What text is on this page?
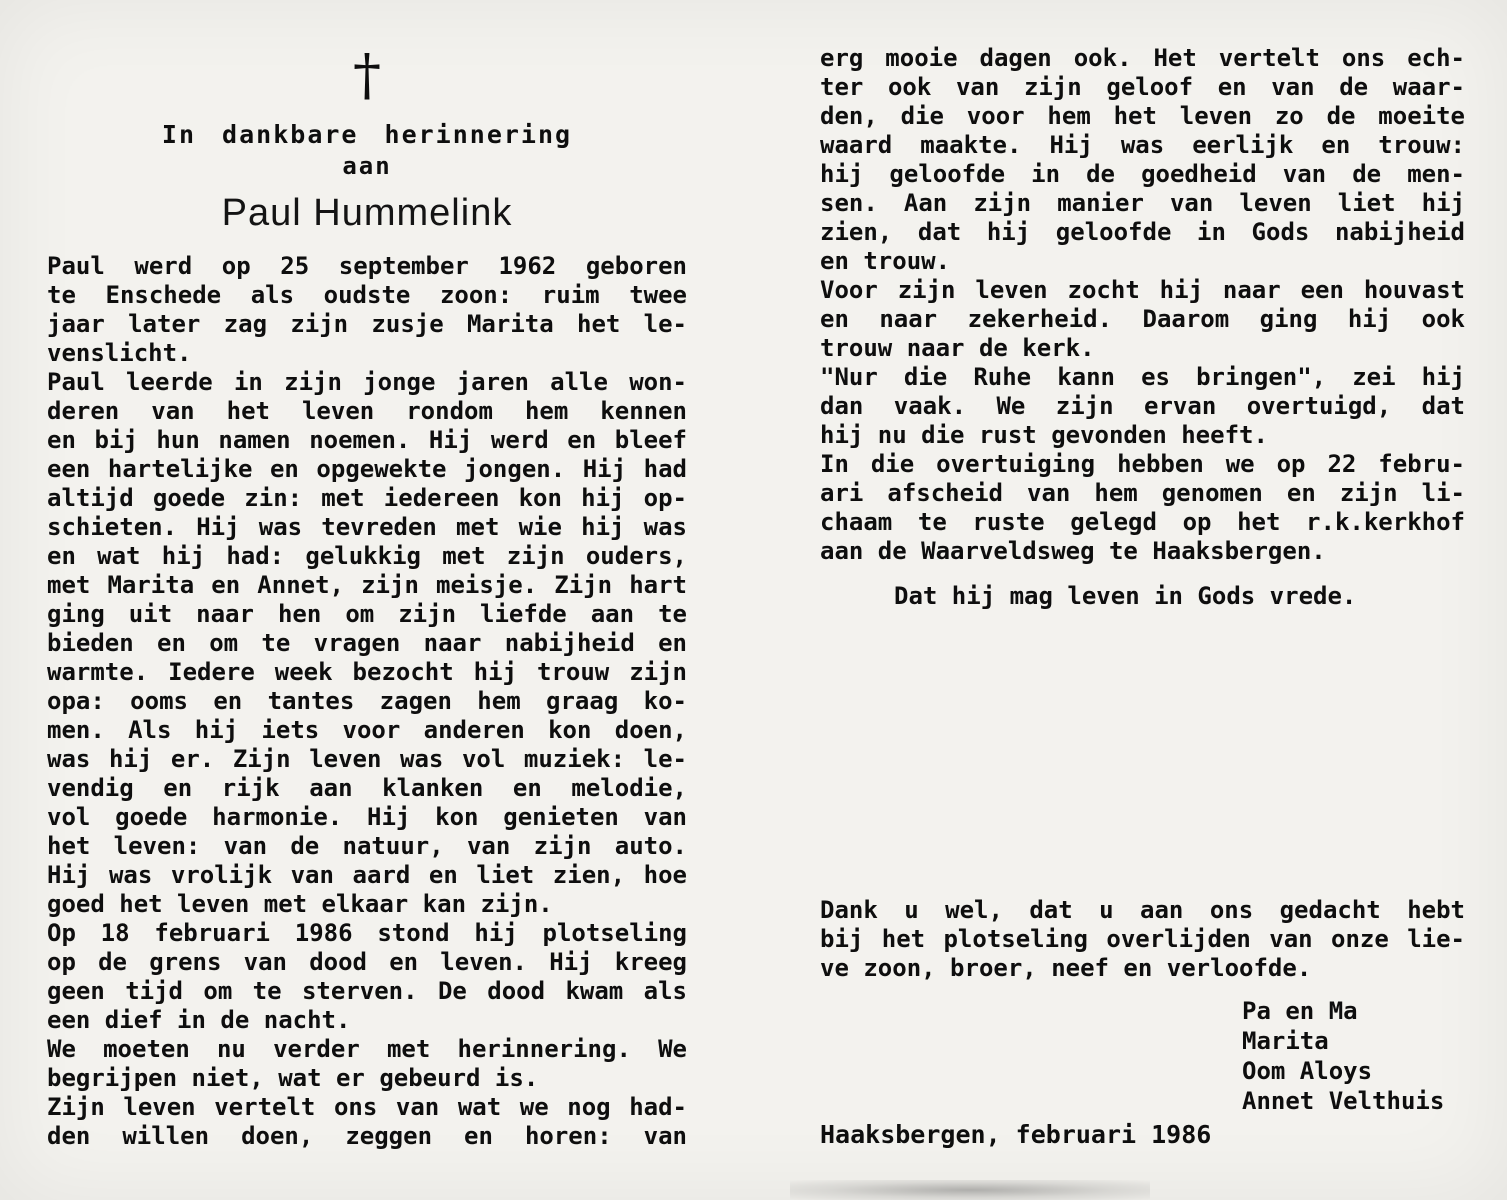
†
In dankbare herinnering
aan
Paul Hummelink
Paul werd op 25 september 1962 geboren
te Enschede als oudste zoon: ruim twee
jaar later zag zijn zusje Marita het le-
venslicht.
Paul leerde in zijn jonge jaren alle won-
deren van het leven rondom hem kennen
en bij hun namen noemen. Hij werd en bleef
een hartelijke en opgewekte jongen. Hij had
altijd goede zin: met iedereen kon hij op-
schieten. Hij was tevreden met wie hij was
en wat hij had: gelukkig met zijn ouders,
met Marita en Annet, zijn meisje. Zijn hart
ging uit naar hen om zijn liefde aan te
bieden en om te vragen naar nabijheid en
warmte. Iedere week bezocht hij trouw zijn
opa: ooms en tantes zagen hem graag ko-
men. Als hij iets voor anderen kon doen,
was hij er. Zijn leven was vol muziek: le-
vendig en rijk aan klanken en melodie,
vol goede harmonie. Hij kon genieten van
het leven: van de natuur, van zijn auto.
Hij was vrolijk van aard en liet zien, hoe
goed het leven met elkaar kan zijn.
Op 18 februari 1986 stond hij plotseling
op de grens van dood en leven. Hij kreeg
geen tijd om te sterven. De dood kwam als
een dief in de nacht.
We moeten nu verder met herinnering. We
begrijpen niet, wat er gebeurd is.
Zijn leven vertelt ons van wat we nog had-
den willen doen, zeggen en horen: van
erg mooie dagen ook. Het vertelt ons ech-
ter ook van zijn geloof en van de waar-
den, die voor hem het leven zo de moeite
waard maakte. Hij was eerlijk en trouw:
hij geloofde in de goedheid van de men-
sen. Aan zijn manier van leven liet hij
zien, dat hij geloofde in Gods nabijheid
en trouw.
Voor zijn leven zocht hij naar een houvast
en naar zekerheid. Daarom ging hij ook
trouw naar de kerk.
"Nur die Ruhe kann es bringen", zei hij
dan vaak. We zijn ervan overtuigd, dat
hij nu die rust gevonden heeft.
In die overtuiging hebben we op 22 febru-
ari afscheid van hem genomen en zijn li-
chaam te ruste gelegd op het r.k.kerkhof
aan de Waarveldsweg te Haaksbergen.
Dat hij mag leven in Gods vrede.
Dank u wel, dat u aan ons gedacht hebt
bij het plotseling overlijden van onze lie-
ve zoon, broer, neef en verloofde.
Pa en Ma
Marita
Oom Aloys
Annet Velthuis
Haaksbergen, februari 1986
